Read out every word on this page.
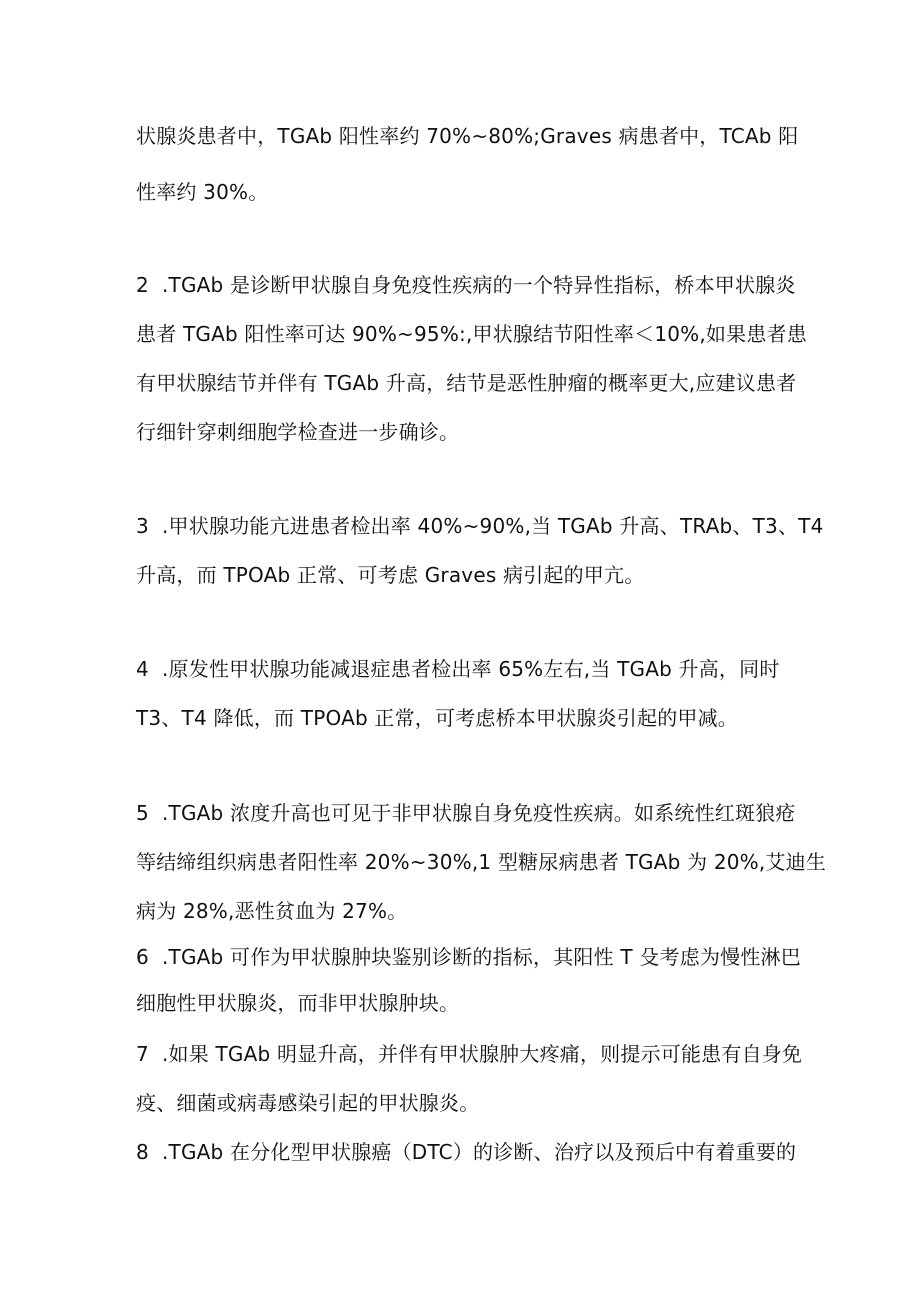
状腺炎患者中，TGAb 阳性率约 70%~80%;Graves 病患者中，TCAb 阳
性率约 30%。
2 .TGAb 是诊断甲状腺自身免疫性疾病的一个特异性指标，桥本甲状腺炎
患者 TGAb 阳性率可达 90%~95%:,甲状腺结节阳性率＜10%,如果患者患
有甲状腺结节并伴有 TGAb 升高，结节是恶性肿瘤的概率更大,应建议患者
行细针穿刺细胞学检查进一步确诊。
3 .甲状腺功能亢进患者检出率 40%~90%,当 TGAb 升高、TRAb、T3、T4
升高，而 TPOAb 正常、可考虑 Graves 病引起的甲亢。
4 .原发性甲状腺功能减退症患者检出率 65%左右,当 TGAb 升高，同时
T3、T4 降低，而 TPOAb 正常，可考虑桥本甲状腺炎引起的甲减。
5 .TGAb 浓度升高也可见于非甲状腺自身免疫性疾病。如系统性红斑狼疮
等结缔组织病患者阳性率 20%~30%,1 型糖尿病患者 TGAb 为 20%,艾迪生
病为 28%,恶性贫血为 27%。
6 .TGAb 可作为甲状腺肿块鉴别诊断的指标，其阳性 T 殳考虑为慢性淋巴
细胞性甲状腺炎，而非甲状腺肿块。
7 .如果 TGAb 明显升高，并伴有甲状腺肿大疼痛，则提示可能患有自身免
疫、细菌或病毒感染引起的甲状腺炎。
8 .TGAb 在分化型甲状腺癌（DTC）的诊断、治疗以及预后中有着重要的
